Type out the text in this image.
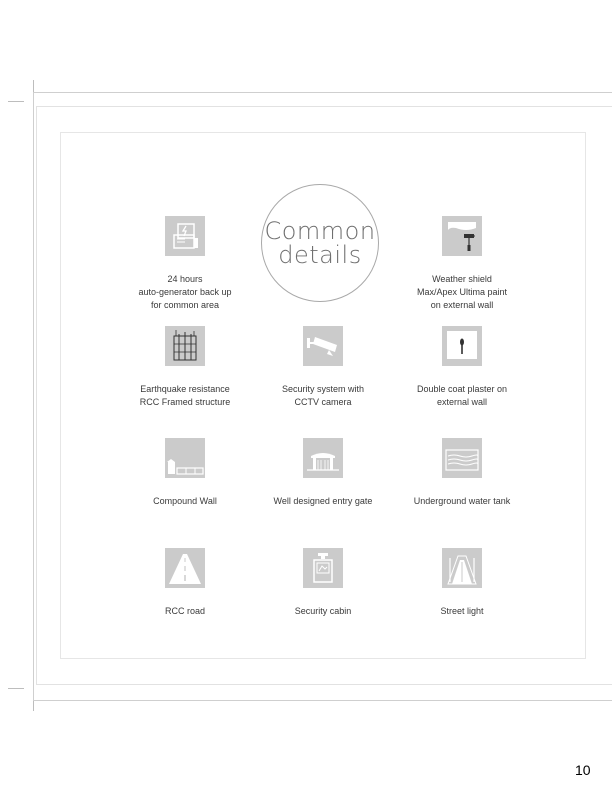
Common
details
24 hours
auto-generator back up
for common area
Weather shield
Max/Apex Ultima paint
on external wall
Earthquake resistance
RCC Framed structure
Security system with
CCTV camera
Double coat plaster on
external wall
Compound Wall	Well designed entry gate	Underground water tank
RCC road	Security cabin	Street light
10
